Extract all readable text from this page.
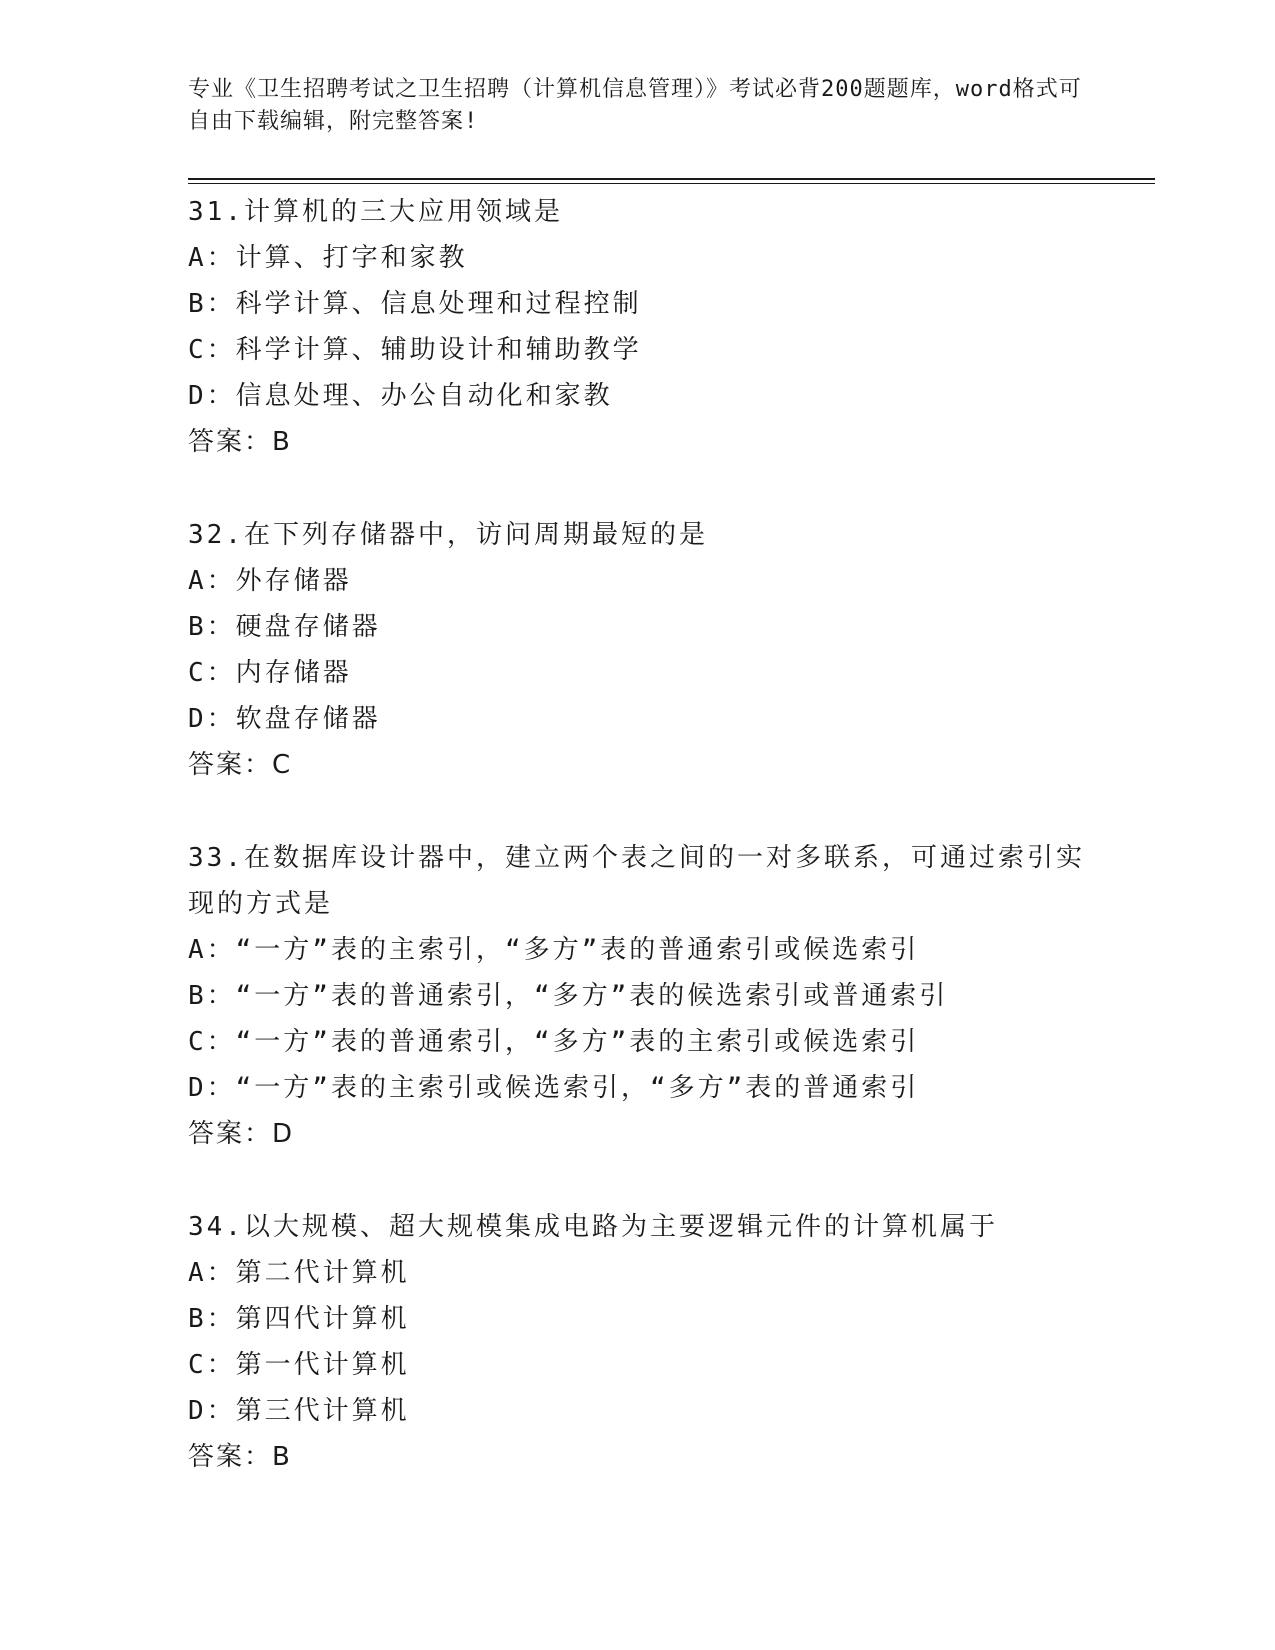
专业《卫生招聘考试之卫生招聘（计算机信息管理）》考试必背200题题库，word格式可自由下载编辑，附完整答案!
31.计算机的三大应用领域是
A：计算、打字和家教
B：科学计算、信息处理和过程控制
C：科学计算、辅助设计和辅助教学
D：信息处理、办公自动化和家教
答案：B
32.在下列存储器中，访问周期最短的是
A：外存储器
B：硬盘存储器
C：内存储器
D：软盘存储器
答案：C
33.在数据库设计器中，建立两个表之间的一对多联系，可通过索引实现的方式是
A：“一方”表的主索引，“多方”表的普通索引或候选索引
B：“一方”表的普通索引，“多方”表的候选索引或普通索引
C：“一方”表的普通索引，“多方”表的主索引或候选索引
D：“一方”表的主索引或候选索引，“多方”表的普通索引
答案：D
34.以大规模、超大规模集成电路为主要逻辑元件的计算机属于
A：第二代计算机
B：第四代计算机
C：第一代计算机
D：第三代计算机
答案：B
